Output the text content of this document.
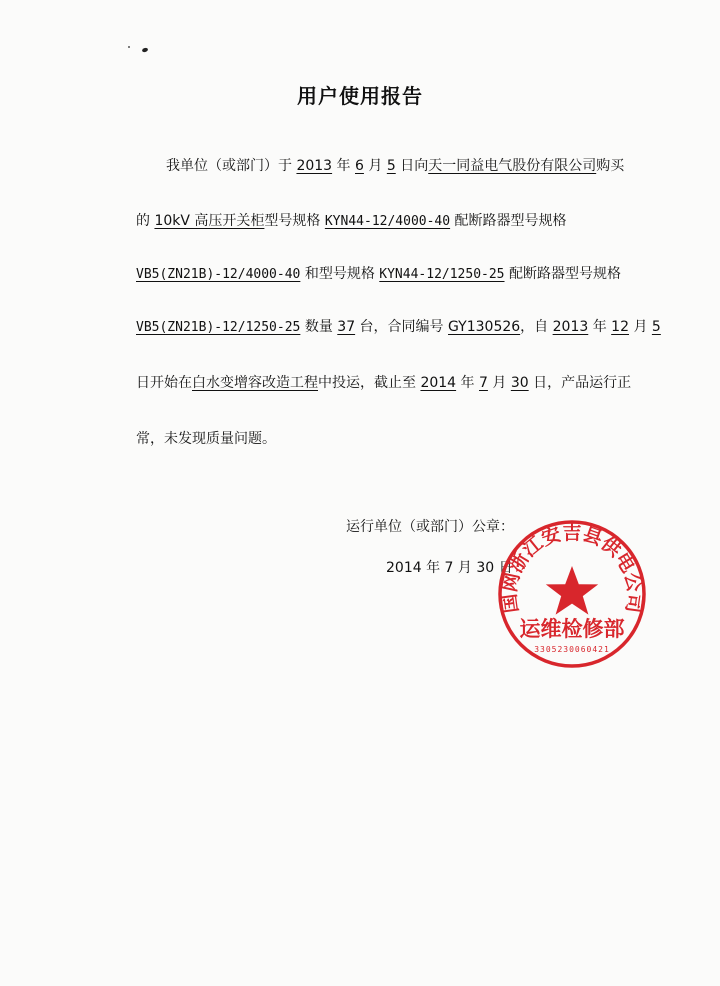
用户使用报告
我单位（或部门）于 2013 年 6 月 5 日向天一同益电气股份有限公司购买
的 10kV 高压开关柜型号规格 KYN44-12/4000-40 配断路器型号规格
VB5(ZN21B)-12/4000-40 和型号规格 KYN44-12/1250-25 配断路器型号规格
VB5(ZN21B)-12/1250-25 数量 37 台，合同编号 GY130526，自 2013 年 12 月 5
日开始在白水变增容改造工程中投运，截止至 2014 年 7 月 30 日，产品运行正
常，未发现质量问题。
运行单位（或部门）公章：
2014 年 7 月 30 日
国网浙江安吉县供电公司
运维检修部
3305230060421
